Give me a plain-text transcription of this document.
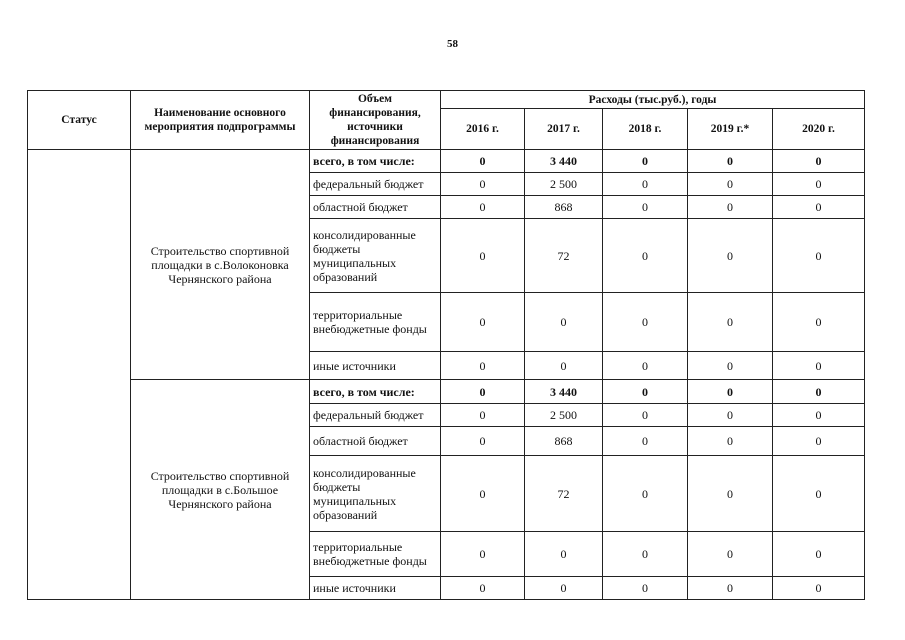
58
Статус	Наименование основного мероприятия подпрограммы	Объем финансирования, источники финансирования	Расходы (тыс.руб.), годы				
			2016 г.	2017 г.	2018 г.	2019 г.*	2020 г.
	Строительство спортивной площадки в с.Волоконовка Чернянского района	всего, в том числе:	0	3 440	0	0	0
		федеральный бюджет	0	2 500	0	0	0
		областной бюджет	0	868	0	0	0
		консолидированные бюджеты муниципальных образований	0	72	0	0	0
		территориальные внебюджетные фонды	0	0	0	0	0
		иные источники	0	0	0	0	0
	Строительство спортивной площадки в с.Большое Чернянского района	всего, в том числе:	0	3 440	0	0	0
		федеральный бюджет	0	2 500	0	0	0
		областной бюджет	0	868	0	0	0
		консолидированные бюджеты муниципальных образований	0	72	0	0	0
		территориальные внебюджетные фонды	0	0	0	0	0
		иные источники	0	0	0	0	0
